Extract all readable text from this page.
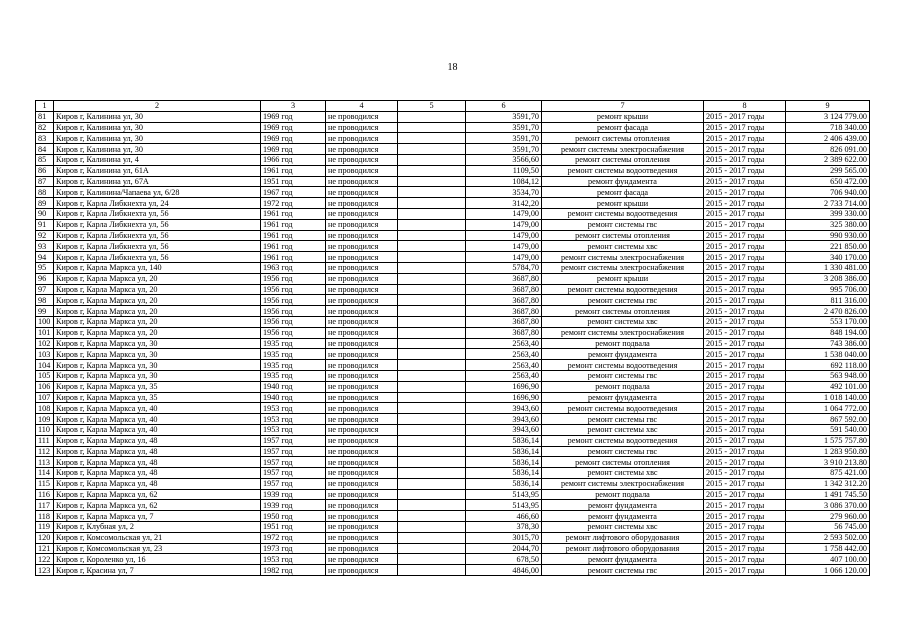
18
1	2	3	4	5	6	7	8	9
81	Киров г, Калинина ул, 30	1969 год	не проводился		3591,70	ремонт крыши	2015 - 2017 годы	3 124 779.00
82	Киров г, Калинина ул, 30	1969 год	не проводился		3591,70	ремонт фасада	2015 - 2017 годы	718 340.00
83	Киров г, Калинина ул, 30	1969 год	не проводился		3591,70	ремонт системы отопления	2015 - 2017 годы	2 406 439.00
84	Киров г, Калинина ул, 30	1969 год	не проводился		3591,70	ремонт системы электроснабжения	2015 - 2017 годы	826 091.00
85	Киров г, Калинина ул, 4	1966 год	не проводился		3566,60	ремонт системы отопления	2015 - 2017 годы	2 389 622.00
86	Киров г, Калинина ул, 61А	1961 год	не проводился		1109,50	ремонт системы водоотведения	2015 - 2017 годы	299 565.00
87	Киров г, Калинина ул, 67А	1951 год	не проводился		1084,12	ремонт фундамента	2015 - 2017 годы	650 472.00
88	Киров г, Калинина/Чапаева ул, 6/28	1967 год	не проводился		3534,70	ремонт фасада	2015 - 2017 годы	706 940.00
89	Киров г, Карла Либкнехта ул, 24	1972 год	не проводился		3142,20	ремонт крыши	2015 - 2017 годы	2 733 714.00
90	Киров г, Карла Либкнехта ул, 56	1961 год	не проводился		1479,00	ремонт системы водоотведения	2015 - 2017 годы	399 330.00
91	Киров г, Карла Либкнехта ул, 56	1961 год	не проводился		1479,00	ремонт системы гвс	2015 - 2017 годы	325 380.00
92	Киров г, Карла Либкнехта ул, 56	1961 год	не проводился		1479,00	ремонт системы отопления	2015 - 2017 годы	990 930.00
93	Киров г, Карла Либкнехта ул, 56	1961 год	не проводился		1479,00	ремонт системы хвс	2015 - 2017 годы	221 850.00
94	Киров г, Карла Либкнехта ул, 56	1961 год	не проводился		1479,00	ремонт системы электроснабжения	2015 - 2017 годы	340 170.00
95	Киров г, Карла Маркса ул, 140	1963 год	не проводился		5784,70	ремонт системы электроснабжения	2015 - 2017 годы	1 330 481.00
96	Киров г, Карла Маркса ул, 20	1956 год	не проводился		3687,80	ремонт крыши	2015 - 2017 годы	3 208 386.00
97	Киров г, Карла Маркса ул, 20	1956 год	не проводился		3687,80	ремонт системы водоотведения	2015 - 2017 годы	995 706.00
98	Киров г, Карла Маркса ул, 20	1956 год	не проводился		3687,80	ремонт системы гвс	2015 - 2017 годы	811 316.00
99	Киров г, Карла Маркса ул, 20	1956 год	не проводился		3687,80	ремонт системы отопления	2015 - 2017 годы	2 470 826.00
100	Киров г, Карла Маркса ул, 20	1956 год	не проводился		3687,80	ремонт системы хвс	2015 - 2017 годы	553 170.00
101	Киров г, Карла Маркса ул, 20	1956 год	не проводился		3687,80	ремонт системы электроснабжения	2015 - 2017 годы	848 194.00
102	Киров г, Карла Маркса ул, 30	1935 год	не проводился		2563,40	ремонт подвала	2015 - 2017 годы	743 386.00
103	Киров г, Карла Маркса ул, 30	1935 год	не проводился		2563,40	ремонт фундамента	2015 - 2017 годы	1 538 040.00
104	Киров г, Карла Маркса ул, 30	1935 год	не проводился		2563,40	ремонт системы водоотведения	2015 - 2017 годы	692 118.00
105	Киров г, Карла Маркса ул, 30	1935 год	не проводился		2563,40	ремонт системы гвс	2015 - 2017 годы	563 948.00
106	Киров г, Карла Маркса ул, 35	1940 год	не проводился		1696,90	ремонт подвала	2015 - 2017 годы	492 101.00
107	Киров г, Карла Маркса ул, 35	1940 год	не проводился		1696,90	ремонт фундамента	2015 - 2017 годы	1 018 140.00
108	Киров г, Карла Маркса ул, 40	1953 год	не проводился		3943,60	ремонт системы водоотведения	2015 - 2017 годы	1 064 772.00
109	Киров г, Карла Маркса ул, 40	1953 год	не проводился		3943,60	ремонт системы гвс	2015 - 2017 годы	867 592.00
110	Киров г, Карла Маркса ул, 40	1953 год	не проводился		3943,60	ремонт системы хвс	2015 - 2017 годы	591 540.00
111	Киров г, Карла Маркса ул, 48	1957 год	не проводился		5836,14	ремонт системы водоотведения	2015 - 2017 годы	1 575 757.80
112	Киров г, Карла Маркса ул, 48	1957 год	не проводился		5836,14	ремонт системы гвс	2015 - 2017 годы	1 283 950.80
113	Киров г, Карла Маркса ул, 48	1957 год	не проводился		5836,14	ремонт системы отопления	2015 - 2017 годы	3 910 213.80
114	Киров г, Карла Маркса ул, 48	1957 год	не проводился		5836,14	ремонт системы хвс	2015 - 2017 годы	875 421.00
115	Киров г, Карла Маркса ул, 48	1957 год	не проводился		5836,14	ремонт системы электроснабжения	2015 - 2017 годы	1 342 312.20
116	Киров г, Карла Маркса ул, 62	1939 год	не проводился		5143,95	ремонт подвала	2015 - 2017 годы	1 491 745.50
117	Киров г, Карла Маркса ул, 62	1939 год	не проводился		5143,95	ремонт фундамента	2015 - 2017 годы	3 086 370.00
118	Киров г, Карла Маркса ул, 7	1950 год	не проводился		466,60	ремонт фундамента	2015 - 2017 годы	279 960.00
119	Киров г, Клубная ул, 2	1951 год	не проводился		378,30	ремонт системы хвс	2015 - 2017 годы	56 745.00
120	Киров г, Комсомольская ул, 21	1972 год	не проводился		3015,70	ремонт лифтового оборудования	2015 - 2017 годы	2 593 502.00
121	Киров г, Комсомольская ул, 23	1973 год	не проводился		2044,70	ремонт лифтового оборудования	2015 - 2017 годы	1 758 442.00
122	Киров г, Короленко ул, 16	1953 год	не проводился		678,50	ремонт фундамента	2015 - 2017 годы	407 100.00
123	Киров г, Красина ул, 7	1982 год	не проводился		4846,00	ремонт системы гвс	2015 - 2017 годы	1 066 120.00
